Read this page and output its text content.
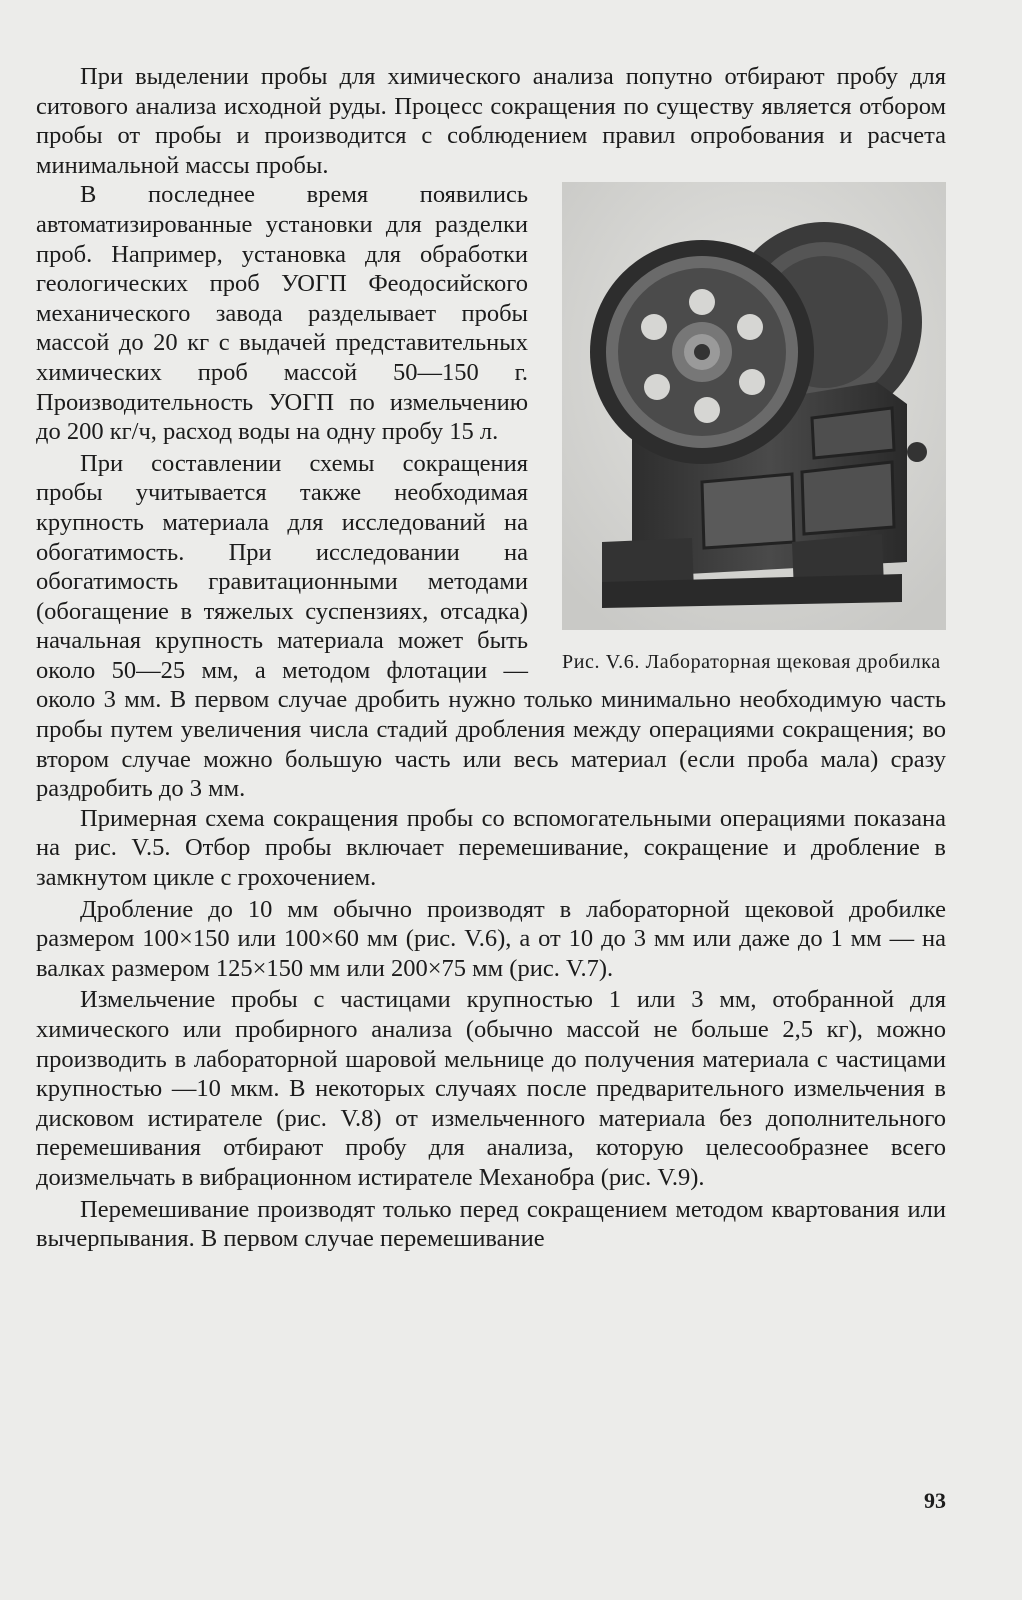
При выделении пробы для химического анализа попутно отбирают пробу для ситового анализа исходной руды. Процесс сокращения по существу является отбором пробы от пробы и производится с соблюдением правил опробования и расчета минимальной массы пробы.

Рис. V.6. Лабораторная щековая дробилка

В последнее время появились автоматизированные установки для разделки проб. Например, установка для обработки геологических проб УОГП Феодосийского механического завода разделывает пробы массой до 20 кг с выдачей представительных химических проб массой 50—150 г. Производительность УОГП по измельчению до 200 кг/ч, расход воды на одну пробу 15 л.

При составлении схемы сокращения пробы учитывается также необходимая крупность материала для исследований на обогатимость. При исследовании на обогатимость гравитационными методами (обогащение в тяжелых суспензиях, отсадка) начальная крупность материала может быть около 50—25 мм, а методом флотации — около 3 мм. В первом случае дробить нужно только минимально необходимую часть пробы путем увеличения числа стадий дробления между операциями сокращения; во втором случае можно большую часть или весь материал (если проба мала) сразу раздробить до 3 мм.

Примерная схема сокращения пробы со вспомогательными операциями показана на рис. V.5. Отбор пробы включает перемешивание, сокращение и дробление в замкнутом цикле с грохочением.

Дробление до 10 мм обычно производят в лабораторной щековой дробилке размером 100×150 или 100×60 мм (рис. V.6), а от 10 до 3 мм или даже до 1 мм — на валках размером 125×150 мм или 200×75 мм (рис. V.7).

Измельчение пробы с частицами крупностью 1 или 3 мм, отобранной для химического или пробирного анализа (обычно массой не больше 2,5 кг), можно производить в лабораторной шаровой мельнице до получения материала с частицами крупностью —10 мкм. В некоторых случаях после предварительного измельчения в дисковом истирателе (рис. V.8) от измельченного материала без дополнительного перемешивания отбирают пробу для анализа, которую целесообразнее всего доизмельчать в вибрационном истирателе Механобра (рис. V.9).

Перемешивание производят только перед сокращением методом квартования или вычерпывания. В первом случае перемешивание

93
